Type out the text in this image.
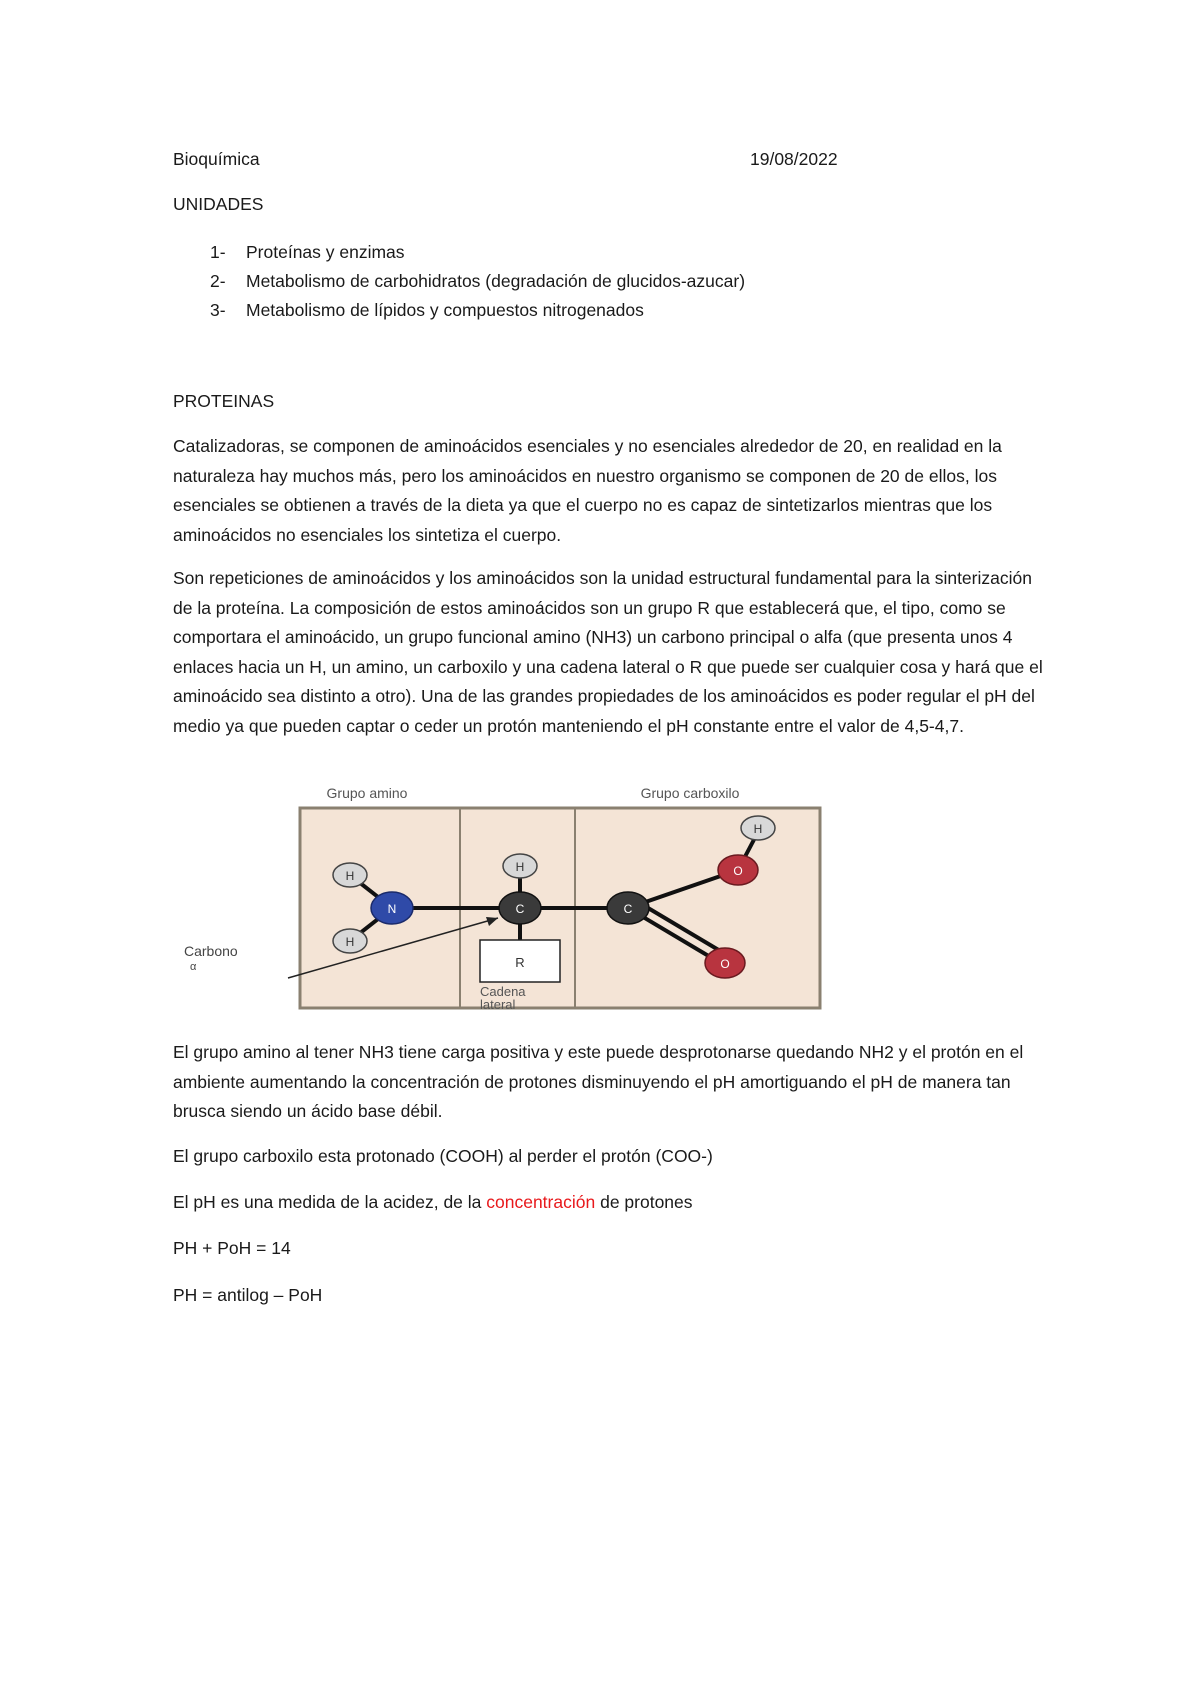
Bioquímica	19/08/2022
UNIDADES
1- Proteínas y enzimas
2- Metabolismo de carbohidratos (degradación de glucidos-azucar)
3- Metabolismo de lípidos y compuestos nitrogenados
PROTEINAS
Catalizadoras, se componen de aminoácidos esenciales y no esenciales alrededor de 20, en realidad en la naturaleza hay muchos más, pero los aminoácidos en nuestro organismo se componen de 20 de ellos, los esenciales se obtienen a través de la dieta ya que el cuerpo no es capaz de sintetizarlos mientras que los aminoácidos no esenciales los sintetiza el cuerpo.
Son repeticiones de aminoácidos y los aminoácidos son la unidad estructural fundamental para la sinterización de la proteína. La composición de estos aminoácidos son un grupo R que establecerá que, el tipo, como se comportara el aminoácido, un grupo funcional amino (NH3) un carbono principal o alfa (que presenta unos 4 enlaces hacia un H, un amino, un carboxilo y una cadena lateral o R que puede ser cualquier cosa y hará que el aminoácido sea distinto a otro). Una de las grandes propiedades de los aminoácidos es poder regular el pH del medio ya que pueden captar o ceder un protón manteniendo el pH constante entre el valor de 4,5-4,7.
Grupo amino	Grupo carboxilo
H
H
H
H
N	C	C
O
O
R
Cadena
lateral
Carbono
α
El grupo amino al tener NH3 tiene carga positiva y este puede desprotonarse quedando NH2 y el protón en el ambiente aumentando la concentración de protones disminuyendo el pH amortiguando el pH de manera tan brusca siendo un ácido base débil.
El grupo carboxilo esta protonado (COOH) al perder el protón (COO-)
El pH es una medida de la acidez, de la concentración de protones
PH + PoH = 14
PH = antilog – PoH
